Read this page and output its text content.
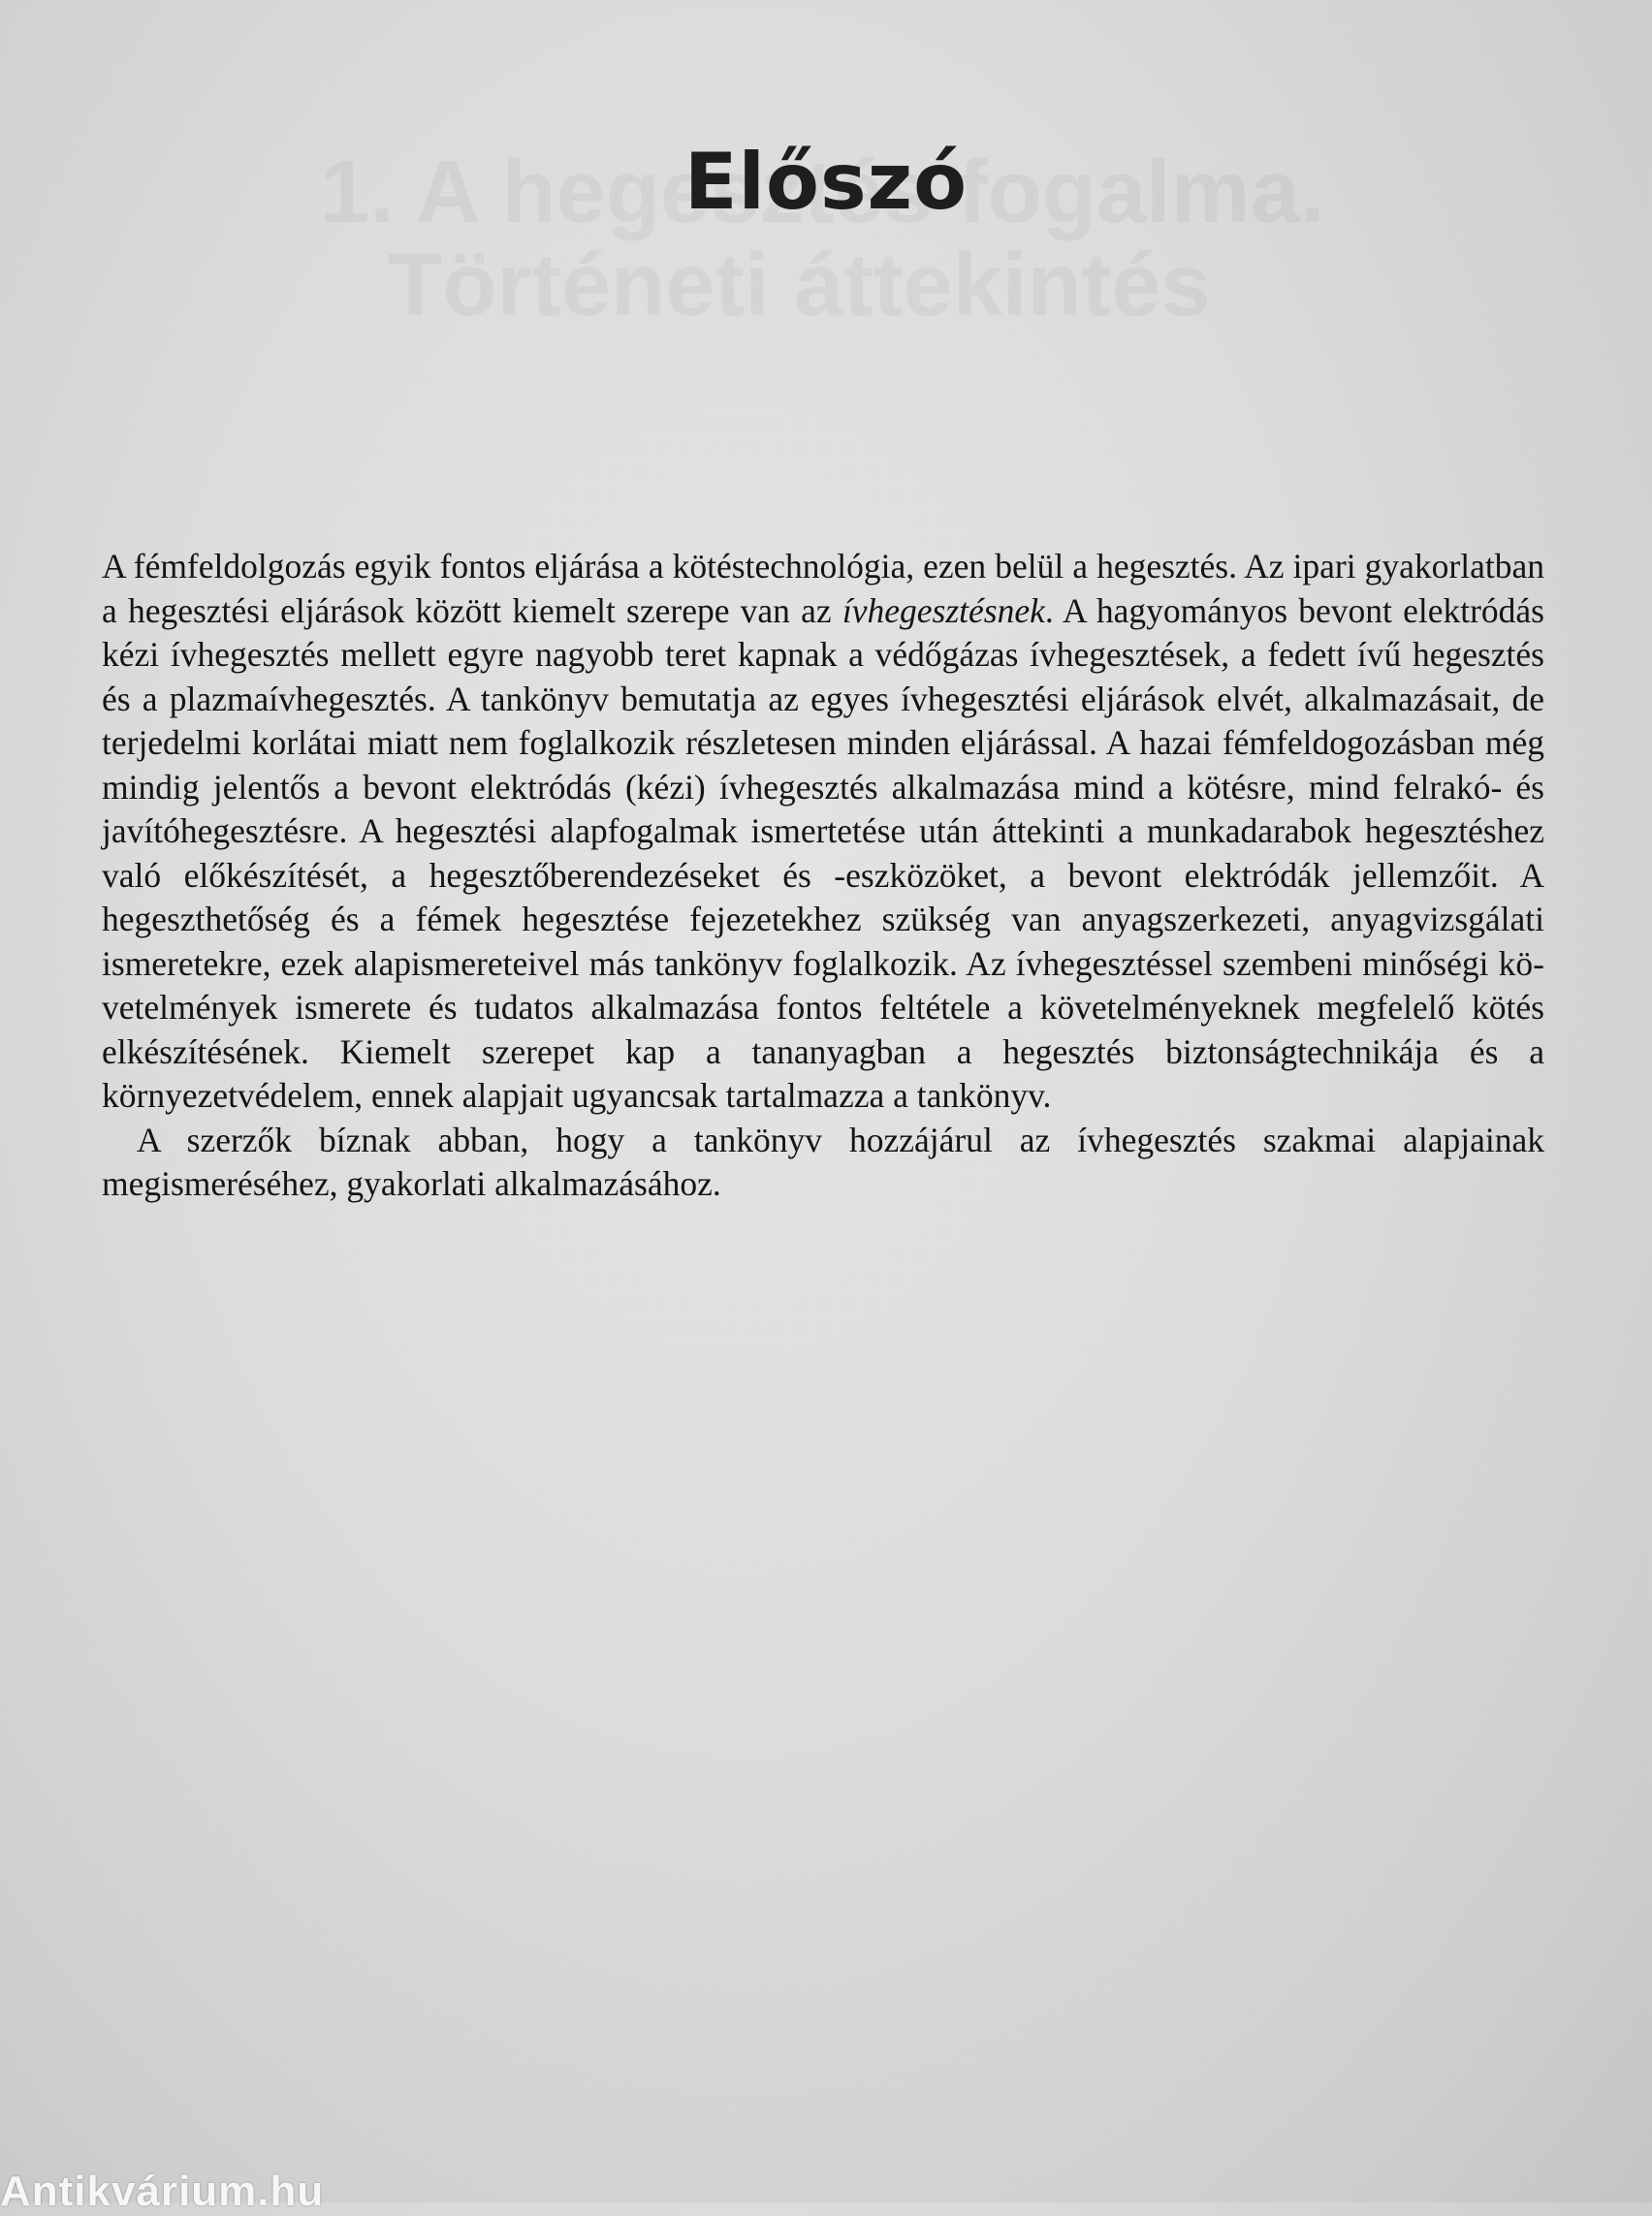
Előszó

A fémfeldolgozás egyik fontos eljárása a kötéstechnológia, ezen belül a hegesztés. Az ipari gyakorlatban a hegesztési eljárások között kiemelt szerepe van az ívhegesztésnek. A hagyományos bevont elektródás kézi ívhegesztés mellett egyre nagyobb teret kapnak a védőgázas ívhegesztések, a fedett ívű hegesztés és a plazmaívhegesztés. A tankönyv bemutatja az egyes ívhegesztési eljárások elvét, alkalmazásait, de terjedelmi korlátai miatt nem foglalkozik részletesen minden eljárással. A hazai fémfeldogozásban még mindig jelentős a bevont elektródás (kézi) ívhegesztés alkalmazása mind a kötésre, mind felrakó- és javítóhegesztésre. A hegesztési alapfogalmak ismertetése után áttekinti a munkadarabok hegesztéshez való előkészítését, a hegesztőberendezéseket és -eszközöket, a bevont elektródák jellemzőit. A hegeszthetőség és a fémek hegesztése fejezetekhez szükség van anyagszerkezeti, anyagvizsgálati ismeretekre, ezek alapismereteivel más tankönyv foglalkozik. Az ívhegesztéssel szembeni minőségi követelmények ismerete és tudatos alkalmazása fontos feltétele a követelményeknek megfelelő kötés elkészítésének. Kiemelt szerepet kap a tananyagban a hegesztés biztonságtechnikája és a környezetvédelem, ennek alapjait ugyancsak tartalmazza a tankönyv.

A szerzők bíznak abban, hogy a tankönyv hozzájárul az ívhegesztés szakmai alapjainak megismeréséhez, gyakorlati alkalmazásához.

Antikvárium.hu
